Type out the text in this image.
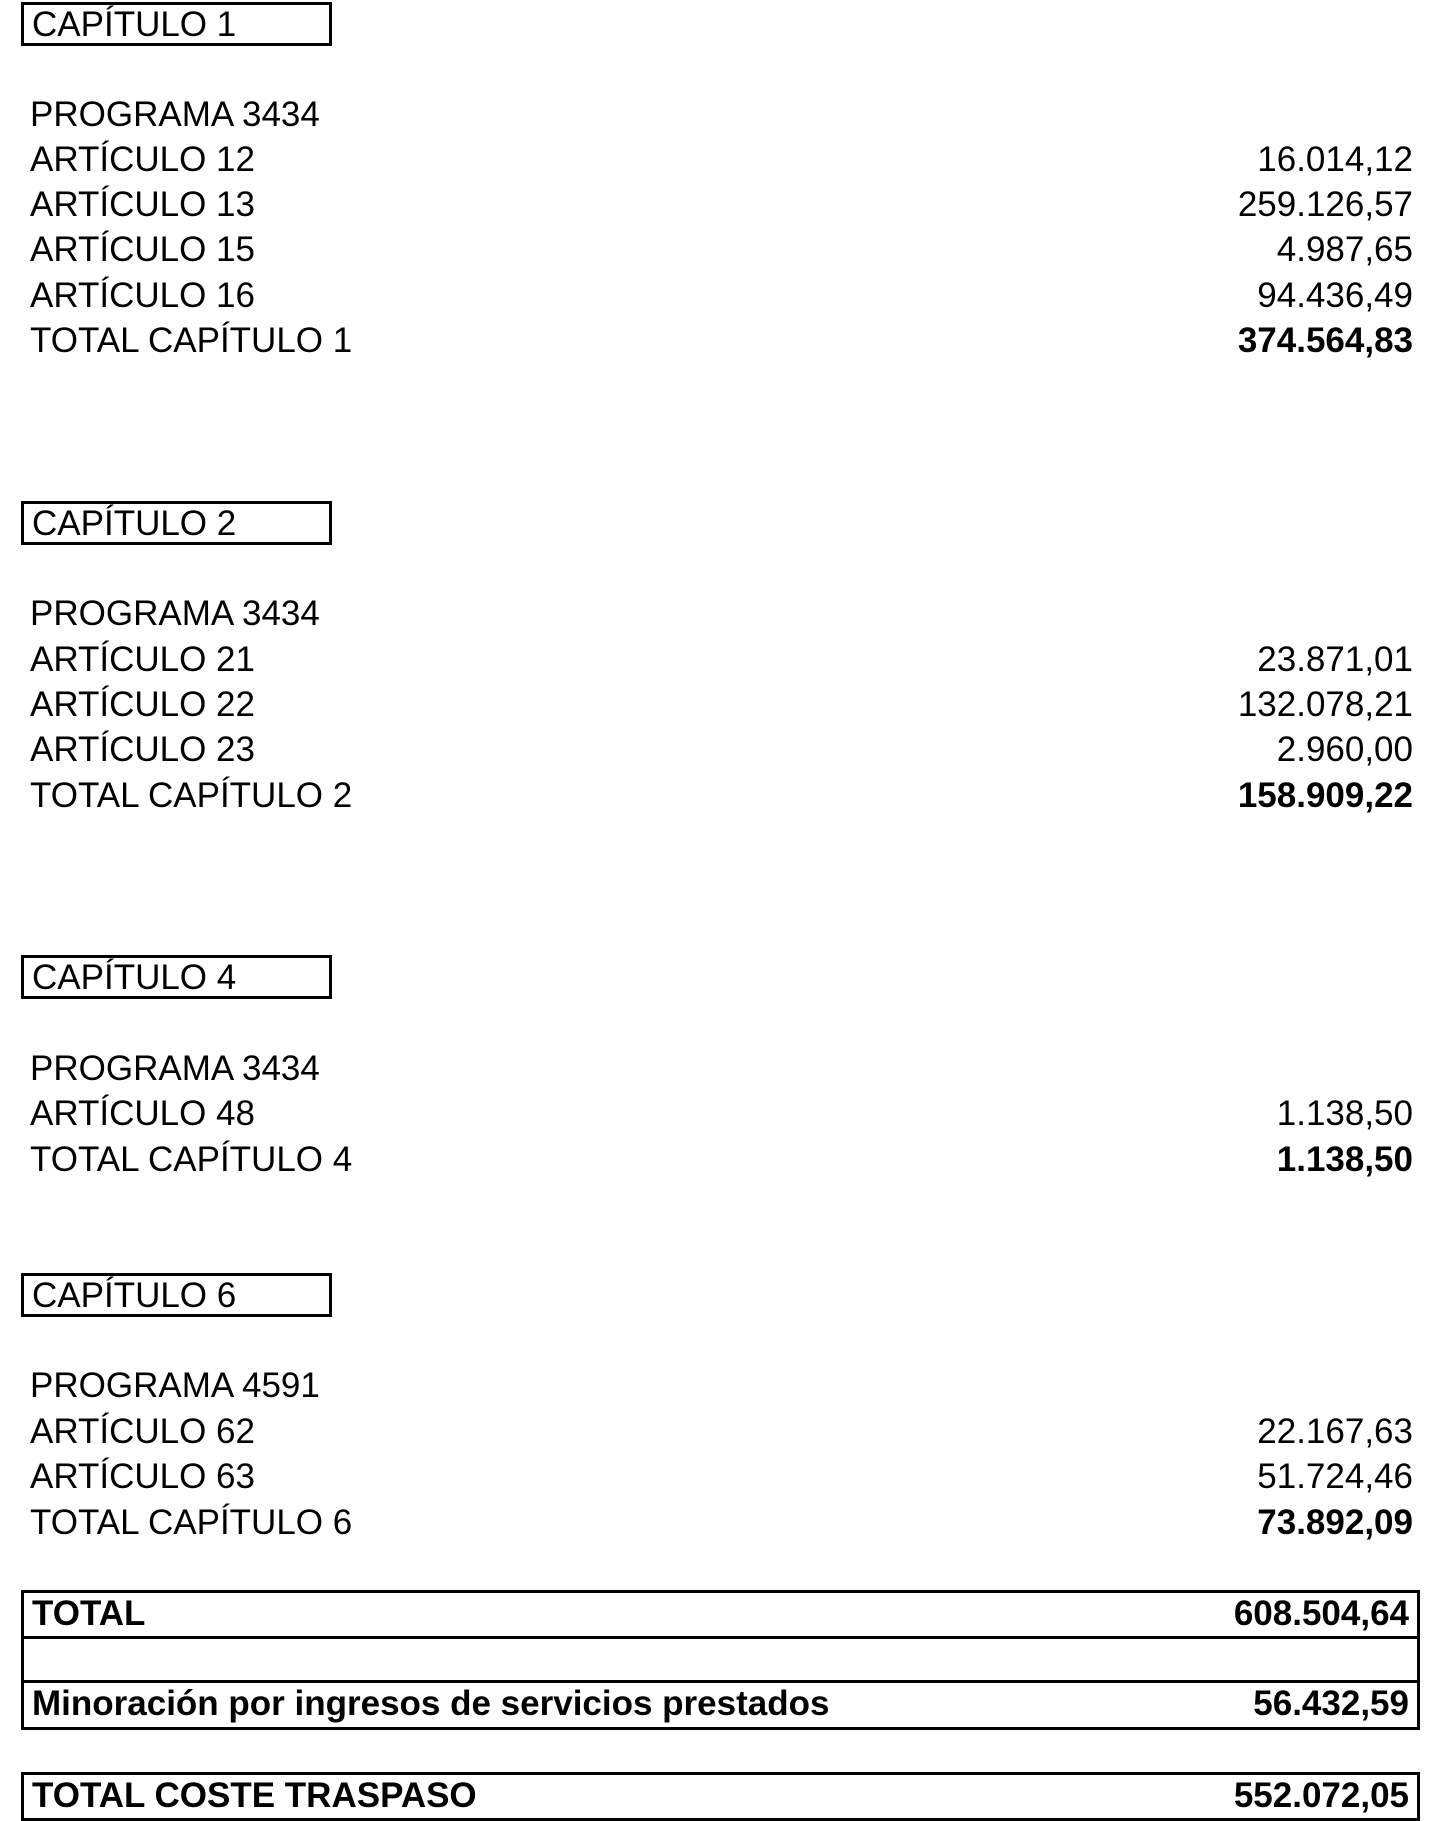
CAPÍTULO 1
PROGRAMA 3434
ARTÍCULO 12	16.014,12
ARTÍCULO 13	259.126,57
ARTÍCULO 15	4.987,65
ARTÍCULO 16	94.436,49
TOTAL CAPÍTULO 1	374.564,83
CAPÍTULO 2
PROGRAMA 3434
ARTÍCULO 21	23.871,01
ARTÍCULO 22	132.078,21
ARTÍCULO 23	2.960,00
TOTAL CAPÍTULO 2	158.909,22
CAPÍTULO 4
PROGRAMA 3434
ARTÍCULO 48	1.138,50
TOTAL CAPÍTULO 4	1.138,50
CAPÍTULO 6
PROGRAMA 4591
ARTÍCULO 62	22.167,63
ARTÍCULO 63	51.724,46
TOTAL CAPÍTULO 6	73.892,09
TOTAL	608.504,64
Minoración por ingresos de servicios prestados	56.432,59
TOTAL COSTE TRASPASO	552.072,05
